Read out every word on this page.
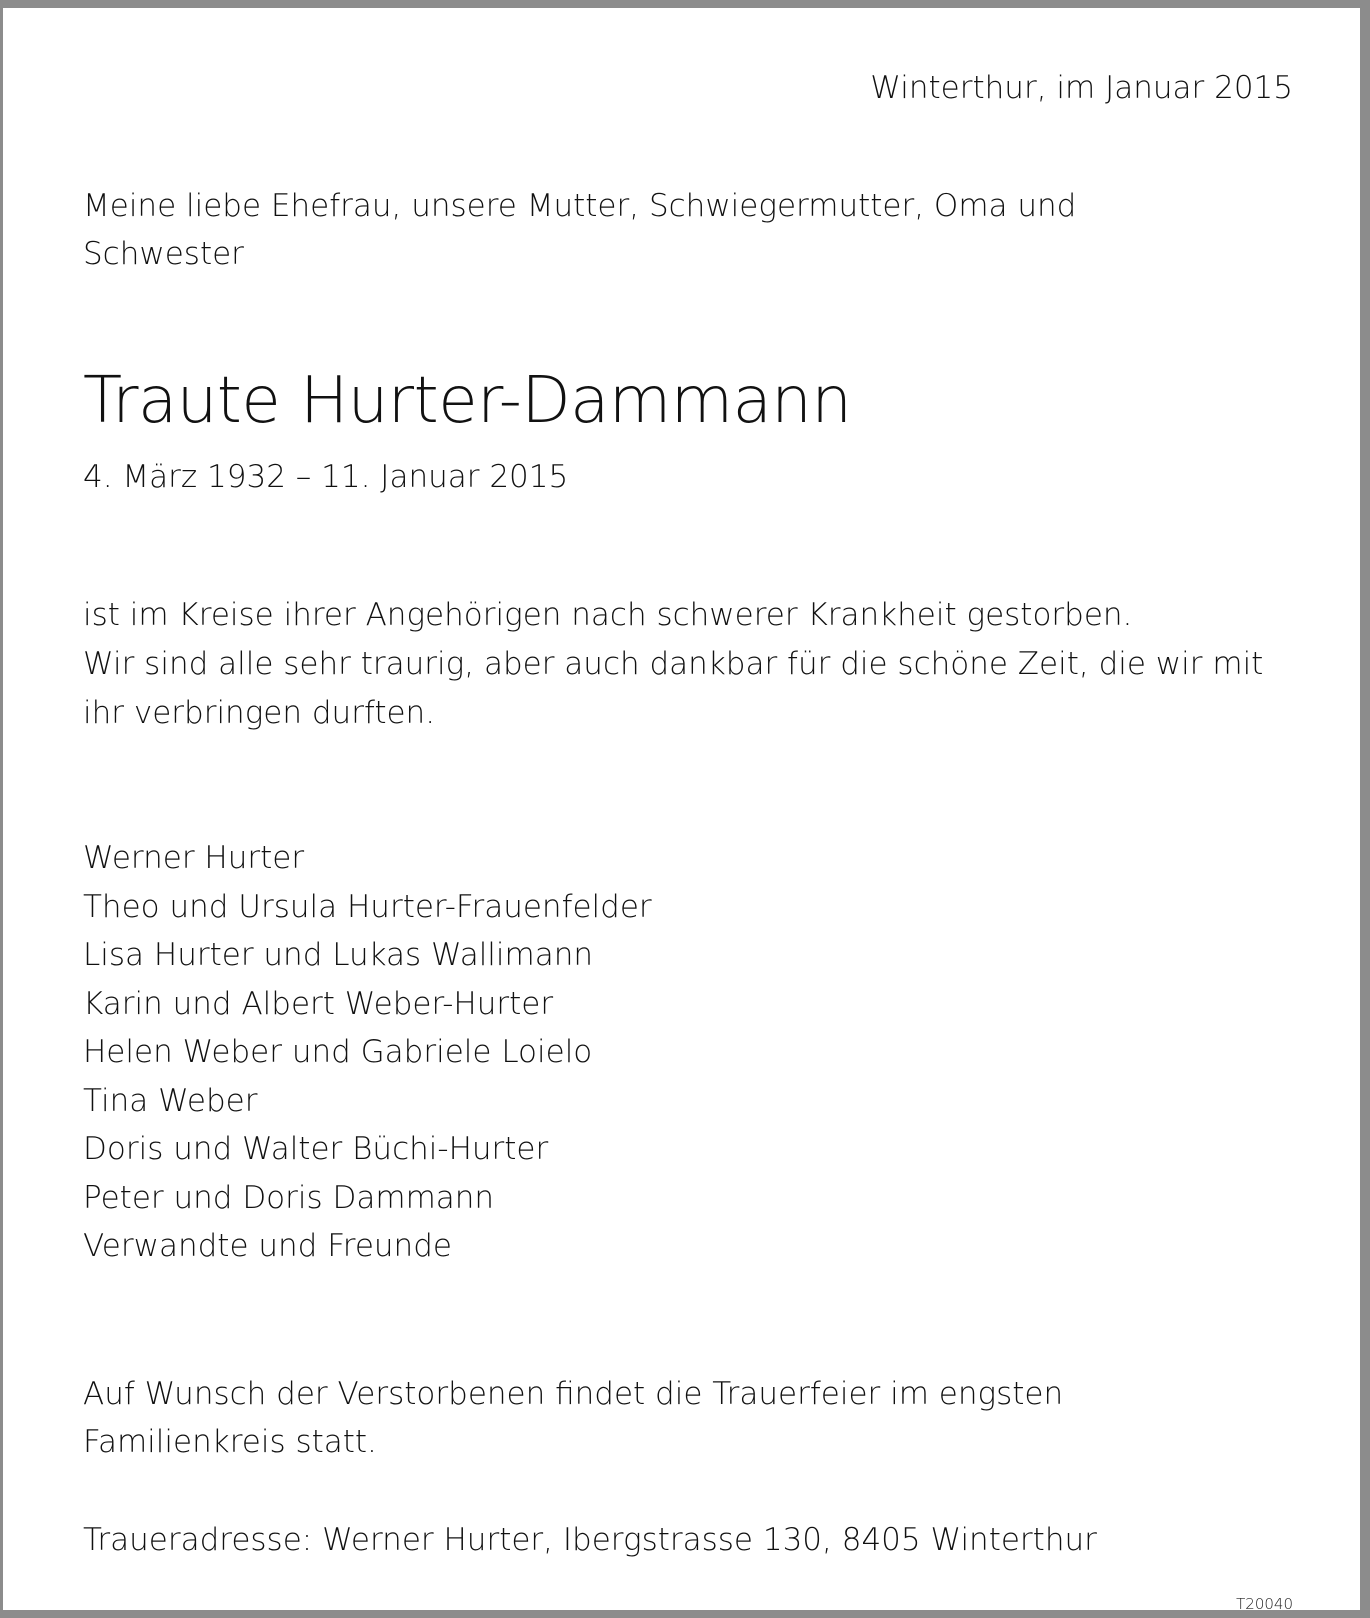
Winterthur, im Januar 2015
Meine liebe Ehefrau, unsere Mutter, Schwiegermutter, Oma und Schwester
Traute Hurter-Dammann
4. März 1932 – 11. Januar 2015

ist im Kreise ihrer Angehörigen nach schwerer Krankheit gestorben.

Wir sind alle sehr traurig, aber auch dankbar für die schöne Zeit, die wir mit ihr verbringen durften.

Werner Hurter
Theo und Ursula Hurter-Frauenfelder
Lisa Hurter und Lukas Wallimann
Karin und Albert Weber-Hurter
Helen Weber und Gabriele Loielo
Tina Weber
Doris und Walter Büchi-Hurter
Peter und Doris Dammann
Verwandte und Freunde
Auf Wunsch der Verstorbenen findet die Trauerfeier im engsten Familienkreis statt.
Traueradresse: Werner Hurter, Ibergstrasse 130, 8405 Winterthur
T20040
